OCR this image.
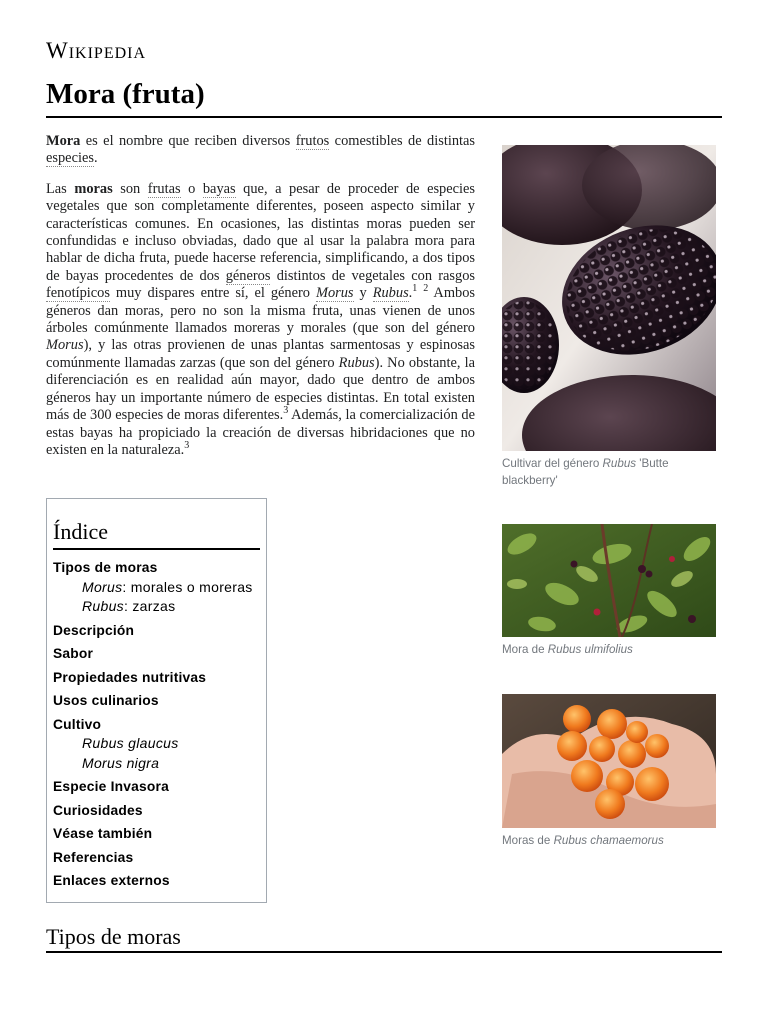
Wikipedia
Mora (fruta)

Mora es el nombre que reciben diversos frutos comestibles de distintas especies.

Las moras son frutas o bayas que, a pesar de proceder de especies vegetales que son completamente diferentes, poseen aspecto similar y características comunes. En ocasiones, las distintas moras pueden ser confundidas e incluso obviadas, dado que al usar la palabra mora para hablar de dicha fruta, puede hacerse referencia, simplificando, a dos tipos de bayas procedentes de dos géneros distintos de vegetales con rasgos fenotípicos muy dispares entre sí, el género Morus y Rubus.$^1$ $^2$ Ambos géneros dan moras, pero no son la misma fruta, unas vienen de unos árboles comúnmente llamados moreras y morales (que son del género Morus), y las otras provienen de unas plantas sarmentosas y espinosas comúnmente llamadas zarzas (que son del género Rubus). No obstante, la diferenciación es en realidad aún mayor, dado que dentro de ambos géneros hay un importante número de especies distintas. En total existen más de 300 especies de moras diferentes.$^3$ Además, la comercialización de estas bayas ha propiciado la creación de diversas hibridaciones que no existen en la naturaleza.$^3$

Cultivar del género Rubus 'Butte blackberry'
Mora de Rubus ulmifolius
Moras de Rubus chamaemorus
Índice
Tipos de moras
Morus: morales o moreras
Rubus: zarzas
Descripción
Sabor
Propiedades nutritivas
Usos culinarios
Cultivo
Rubus glaucus
Morus nigra
Especie Invasora
Curiosidades
Véase también
Referencias
Enlaces externos
Tipos de moras
